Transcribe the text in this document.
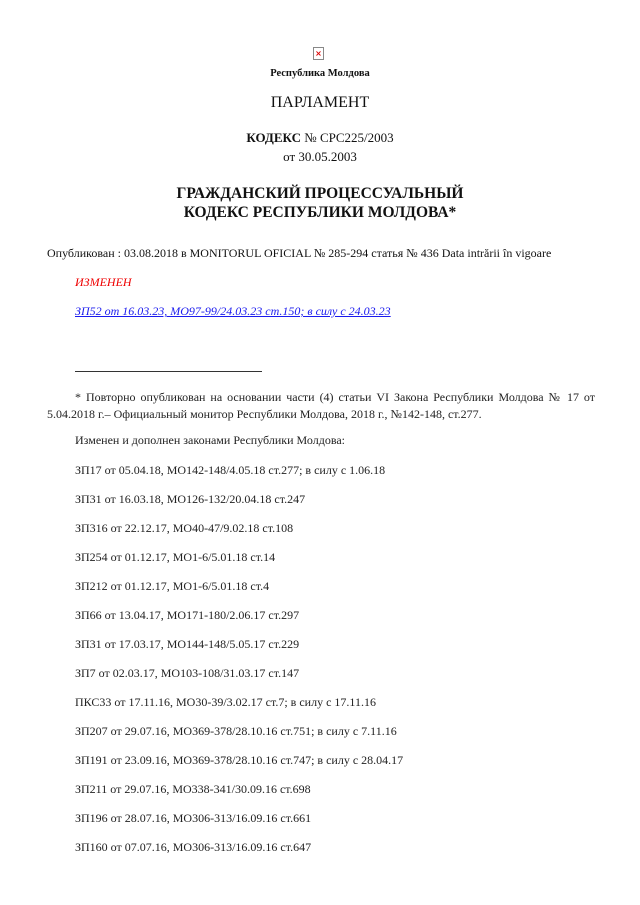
×
Республика Молдова
ПАРЛАМЕНТ
КОДЕКС № CPC225/2003
от 30.05.2003
ГРАЖДАНСКИЙ ПРОЦЕССУАЛЬНЫЙ
КОДЕКС РЕСПУБЛИКИ МОЛДОВА*
Опубликован : 03.08.2018 в MONITORUL OFICIAL № 285-294 статья № 436 Data intrării în vigoare
ИЗМЕНЕН
ЗП52 от 16.03.23, MO97-99/24.03.23 ст.150; в силу с 24.03.23
* Повторно опубликован на основании части (4) статьи VI Закона Республики Молдова № 17 от 5.04.2018 г.– Официальный монитор Республики Молдова, 2018 г., №142-148, ст.277.
Изменен и дополнен законами Республики Молдова:
ЗП17 от 05.04.18, МО142-148/4.05.18 ст.277; в силу с 1.06.18
ЗП31 от 16.03.18, МО126-132/20.04.18 ст.247
ЗП316 от 22.12.17, МО40-47/9.02.18 ст.108
ЗП254 от 01.12.17, МО1-6/5.01.18 ст.14
ЗП212 от 01.12.17, МО1-6/5.01.18 ст.4
ЗП66 от 13.04.17, МО171-180/2.06.17 ст.297
ЗП31 от 17.03.17, МО144-148/5.05.17 ст.229
ЗП7 от 02.03.17, МО103-108/31.03.17 ст.147
ПКС33 от 17.11.16, МО30-39/3.02.17 ст.7; в силу с 17.11.16
ЗП207 от 29.07.16, МО369-378/28.10.16 ст.751; в силу с 7.11.16
ЗП191 от 23.09.16, МО369-378/28.10.16 ст.747; в силу с 28.04.17
ЗП211 от 29.07.16, МО338-341/30.09.16 ст.698
ЗП196 от 28.07.16, МО306-313/16.09.16 ст.661
ЗП160 от 07.07.16, МО306-313/16.09.16 ст.647
